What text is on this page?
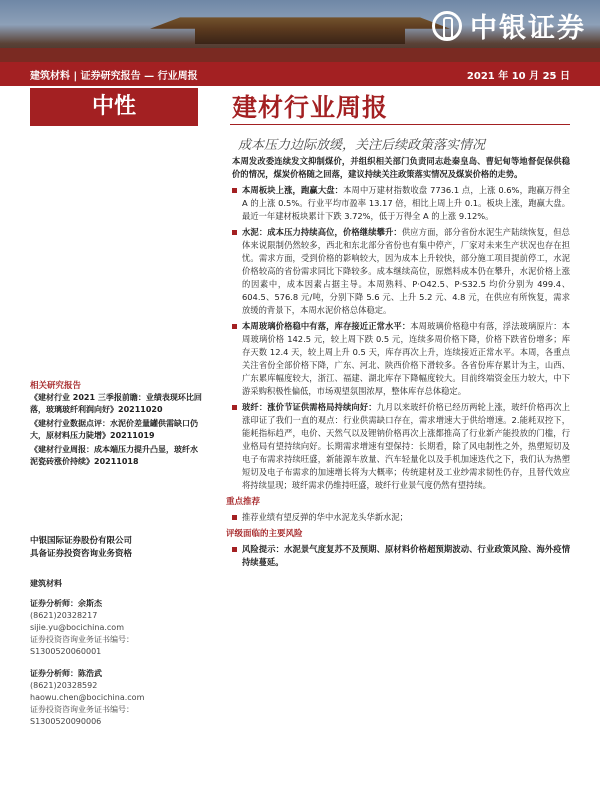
中银证券
建筑材料 | 证券研究报告 — 行业周报	2021 年 10 月 25 日
中性	建材行业周报
成本压力边际放缓，关注后续政策落实情况

本周发改委连续发文抑制煤价，并组织相关部门负责同志赴秦皇岛、曹妃甸等地督促保供稳价的情况，煤炭价格随之回落，建议持续关注政策落实情况及煤炭价格的走势。

本周板块上涨，跑赢大盘：本周中万建材指数收盘 7736.1 点，上涨 0.6%，跑赢万得全 A 的上涨 0.5%。行业平均市盈率 13.17 倍，相比上周上升 0.1。板块上涨，跑赢大盘。最近一年建材板块累计下跌 3.72%，低于万得全 A 的上涨 9.12%。

水泥：成本压力持续高位，价格继续攀升：供应方面，部分省份水泥生产陆续恢复，但总体来说限制仍然较多，西北和东北部分省份也有集中停产，厂家对未来生产状况也存在担忧。需求方面，受到价格的影响较大，因为成本上升较快，部分施工项目提前停工，水泥价格较高的省份需求同比下降较多。成本继续高位，原燃料成本仍在攀升，水泥价格上涨的因素中，成本因素占据主导。本周熟料、P·O42.5、P·S32.5 均价分别为 499.4、604.5、576.8 元/吨，分别下降 5.6 元、上升 5.2 元、4.8 元，在供应有所恢复，需求放缓的背景下，本周水泥价格总体稳定。

本周玻璃价格稳中有落，库存接近正常水平：本周玻璃价格稳中有落，浮法玻璃原片：本周玻璃价格 142.5 元，较上周下跌 0.5 元，连续多周价格下降，价格下跌省份增多；库存天数 12.4 天，较上周上升 0.5 天，库存再次上升，连续接近正常水平。本周，各重点关注省份全部价格下降，广东、河北、陕西价格下滑较多。各省份库存累计为主，山西、广东累库幅度较大，浙江、福建、湖北库存下降幅度较大。目前终端资金压力较大，中下游采购积极性偏低，市场观望氛围浓厚，整体库存总体稳定。

玻纤：涨价节证供需格局持续向好：九月以来玻纤价格已经历两轮上涨，玻纤价格再次上涨印证了我们一直的观点：行业供需缺口存在，需求增速大于供给增速。2.能耗双控下，能耗指标趋严，电价、天然气以及锂钠价格再次上涨都推高了行业新产能投放的门槛，行业格局有望持续向好。长期需求增速有望保持：长期看，除了风电制性之外，热塑短切及电子布需求持续旺盛，新能源车放量、汽车轻量化以及手机加速迭代之下，我们认为热塑短切及电子布需求的加速增长将为大概率；传统建材及工业纱需求韧性仍存，且替代效应将持续显现；玻纤需求仍维持旺盛，玻纤行业景气度仍然有望持续。

重点推荐

推荐业绩有望反弹的华中水泥龙头华新水泥；

评级面临的主要风险

风险提示：水泥景气度复苏不及预期、原材料价格超预期波动、行业政策风险、海外疫情持续蔓延。

相关研究报告

《建材行业 2021 三季报前瞻：业绩表现环比回落，玻璃玻纤利润向好》20211020

《建材行业数据点评：水泥价差量罐供需缺口仍大，原材料压力陡增》20211019

《建材行业周报：成本端压力提升凸显，玻纤水泥瓷砖涨价持续》20211018

中银国际证券股份有限公司
具备证券投资咨询业务资格
建筑材料
证券分析师：余斯杰
(8621)20328217
sijie.yu@bocichina.com
证券投资咨询业务证书编号：S1300520060001
证券分析师：陈浩武
(8621)20328592
haowu.chen@bocichina.com
证券投资咨询业务证书编号：S1300520090006
